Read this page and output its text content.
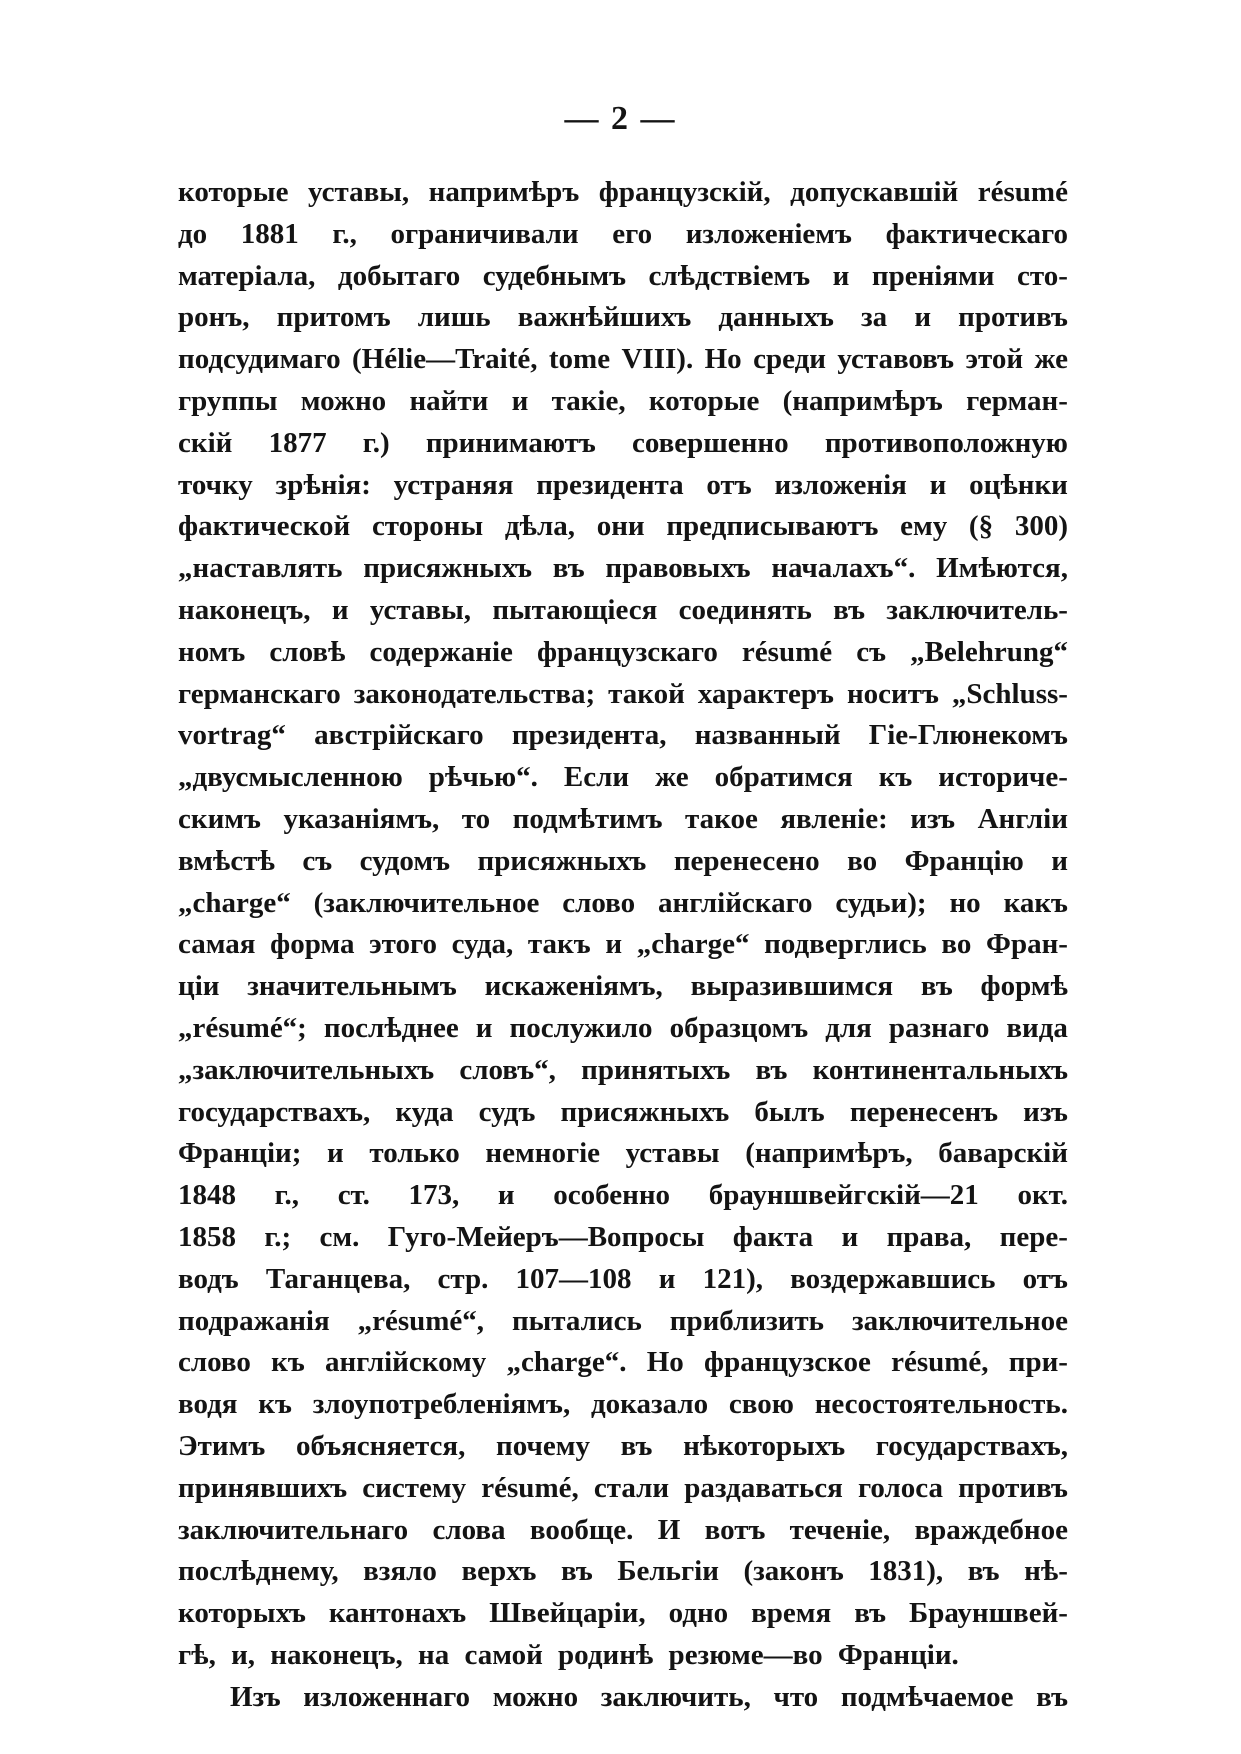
— 2 —
которые уставы, напримѣръ французскій, допускавшій résumé
до 1881 г., ограничивали его изложеніемъ фактическаго
матеріала, добытаго судебнымъ слѣдствіемъ и преніями сто-
ронъ, притомъ лишь важнѣйшихъ данныхъ за и противъ
подсудимаго (Hélie—Traité, tome VIII). Но среди уставовъ этой же
группы можно найти и такіе, которые (напримѣръ герман-
скій 1877 г.) принимаютъ совершенно противоположную
точку зрѣнія: устраняя президента отъ изложенія и оцѣнки
фактической стороны дѣла, они предписываютъ ему (§ 300)
„наставлять присяжныхъ въ правовыхъ началахъ“. Имѣются,
наконецъ, и уставы, пытающіеся соединять въ заключитель-
номъ словѣ содержаніе французскаго résumé съ „Belehrung“
германскаго законодательства; такой характеръ носитъ „Schluss-
vortrag“ австрійскаго президента, названный Гіе-Глюнекомъ
„двусмысленною рѣчью“. Если же обратимся къ историче-
скимъ указаніямъ, то подмѣтимъ такое явленіе: изъ Англіи
вмѣстѣ съ судомъ присяжныхъ перенесено во Францію и
„charge“ (заключительное слово англійскаго судьи); но какъ
самая форма этого суда, такъ и „charge“ подверглись во Фран-
ціи значительнымъ искаженіямъ, выразившимся въ формѣ
„résumé“; послѣднее и послужило образцомъ для разнаго вида
„заключительныхъ словъ“, принятыхъ въ континентальныхъ
государствахъ, куда судъ присяжныхъ былъ перенесенъ изъ
Франціи; и только немногіе уставы (напримѣръ, баварскій
1848 г., ст. 173, и особенно брауншвейгскій—21 окт.
1858 г.; см. Гуго-Мейеръ—Вопросы факта и права, пере-
водъ Таганцева, стр. 107—108 и 121), воздержавшись отъ
подражанія „résumé“, пытались приблизить заключительное
слово къ англійскому „charge“. Но французское résumé, при-
водя къ злоупотребленіямъ, доказало свою несостоятельность.
Этимъ объясняется, почему въ нѣкоторыхъ государствахъ,
принявшихъ систему résumé, стали раздаваться голоса противъ
заключительнаго слова вообще. И вотъ теченіе, враждебное
послѣднему, взяло верхъ въ Бельгіи (законъ 1831), въ нѣ-
которыхъ кантонахъ Швейцаріи, одно время въ Брауншвей-
гѣ, и, наконецъ, на самой родинѣ резюме—во Франціи.
Изъ изложеннаго можно заключить, что подмѣчаемое въ
